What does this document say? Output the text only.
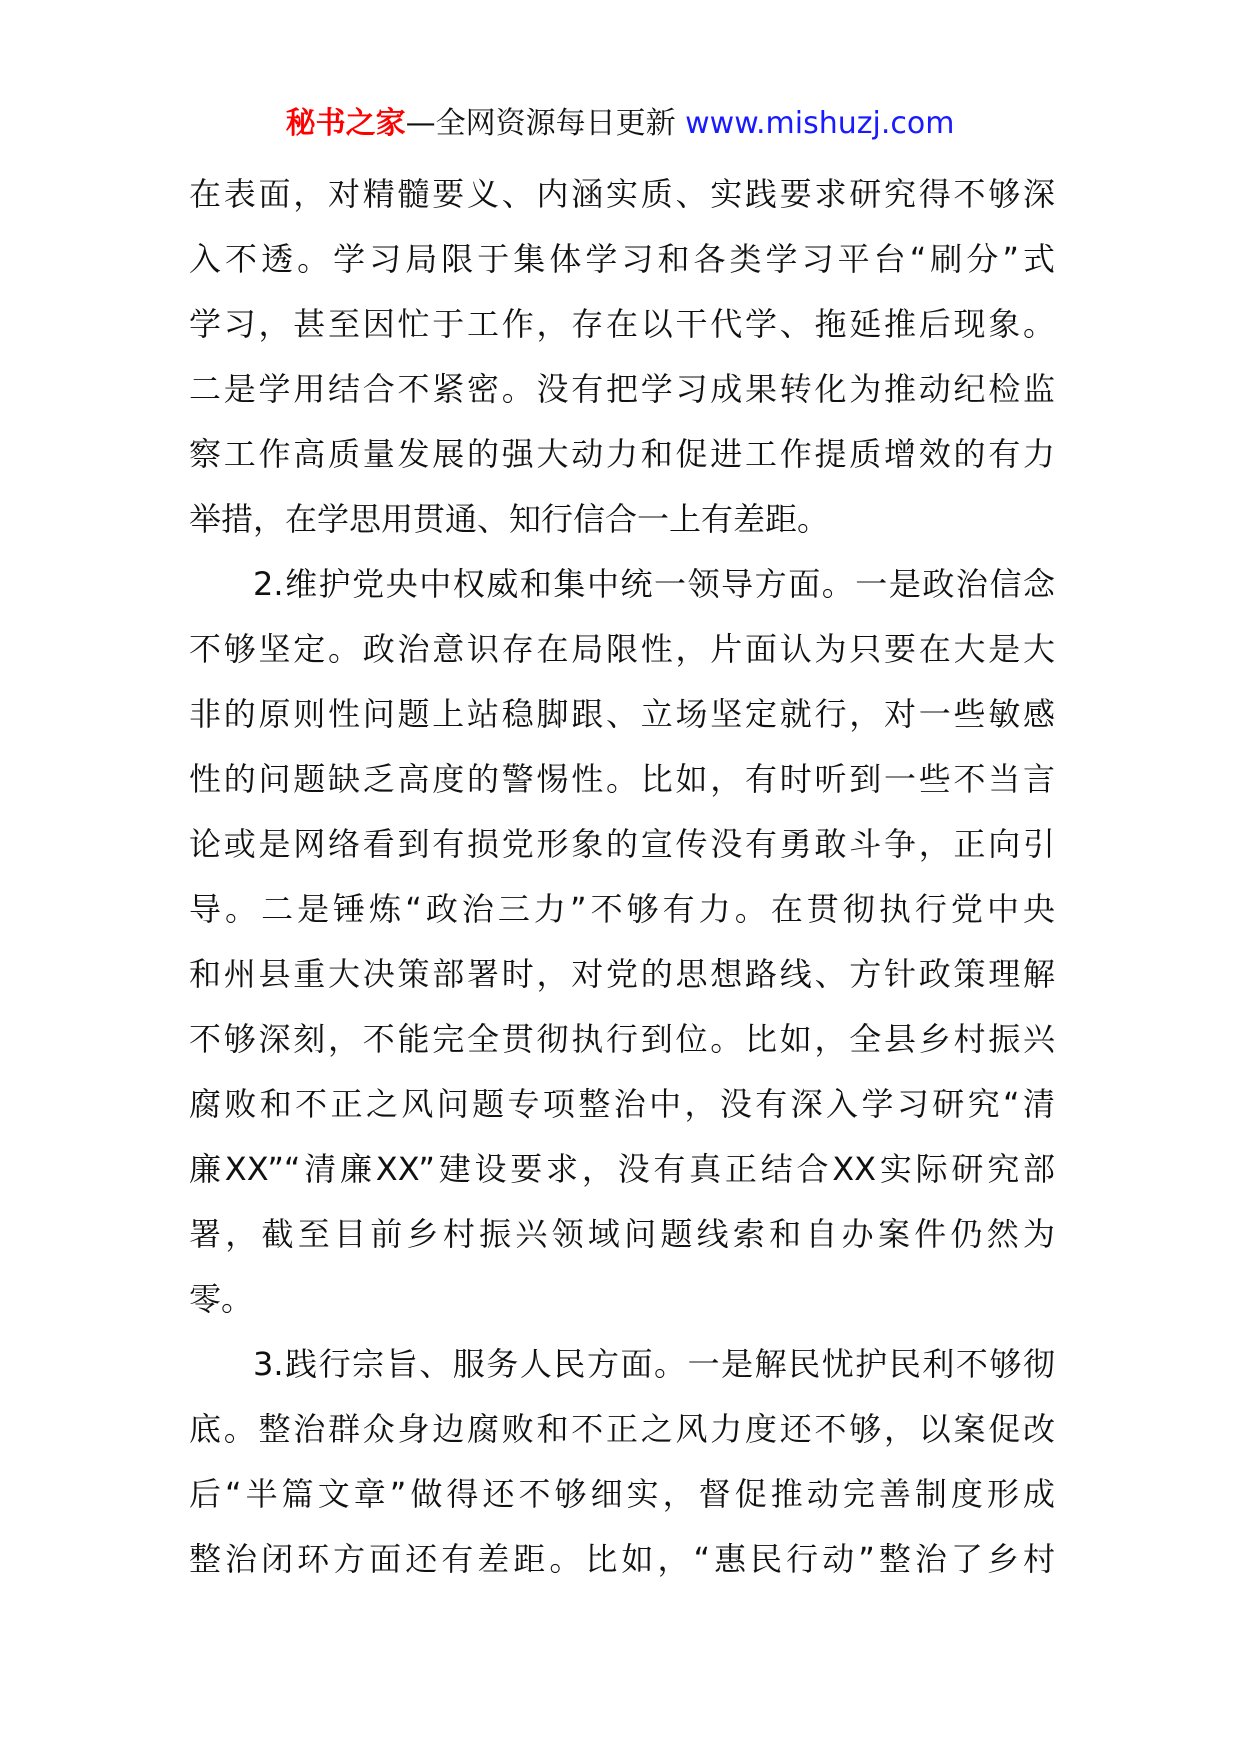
秘书之家—全网资源每日更新 www.mishuzj.com
在表面，对精髓要义、内涵实质、实践要求研究得不够深
入不透。学习局限于集体学习和各类学习平台“刷分”式
学习，甚至因忙于工作，存在以干代学、拖延推后现象。
二是学用结合不紧密。没有把学习成果转化为推动纪检监
察工作高质量发展的强大动力和促进工作提质增效的有力
举措，在学思用贯通、知行信合一上有差距。
2.维护党央中权威和集中统一领导方面。一是政治信念
不够坚定。政治意识存在局限性，片面认为只要在大是大
非的原则性问题上站稳脚跟、立场坚定就行，对一些敏感
性的问题缺乏高度的警惕性。比如，有时听到一些不当言
论或是网络看到有损党形象的宣传没有勇敢斗争，正向引
导。二是锤炼“政治三力”不够有力。在贯彻执行党中央
和州县重大决策部署时，对党的思想路线、方针政策理解
不够深刻，不能完全贯彻执行到位。比如，全县乡村振兴
腐败和不正之风问题专项整治中，没有深入学习研究“清
廉XX”“清廉XX”建设要求，没有真正结合XX实际研究部
署，截至目前乡村振兴领域问题线索和自办案件仍然为
零。
3.践行宗旨、服务人民方面。一是解民忧护民利不够彻
底。整治群众身边腐败和不正之风力度还不够，以案促改
后“半篇文章”做得还不够细实，督促推动完善制度形成
整治闭环方面还有差距。比如，“惠民行动”整治了乡村
